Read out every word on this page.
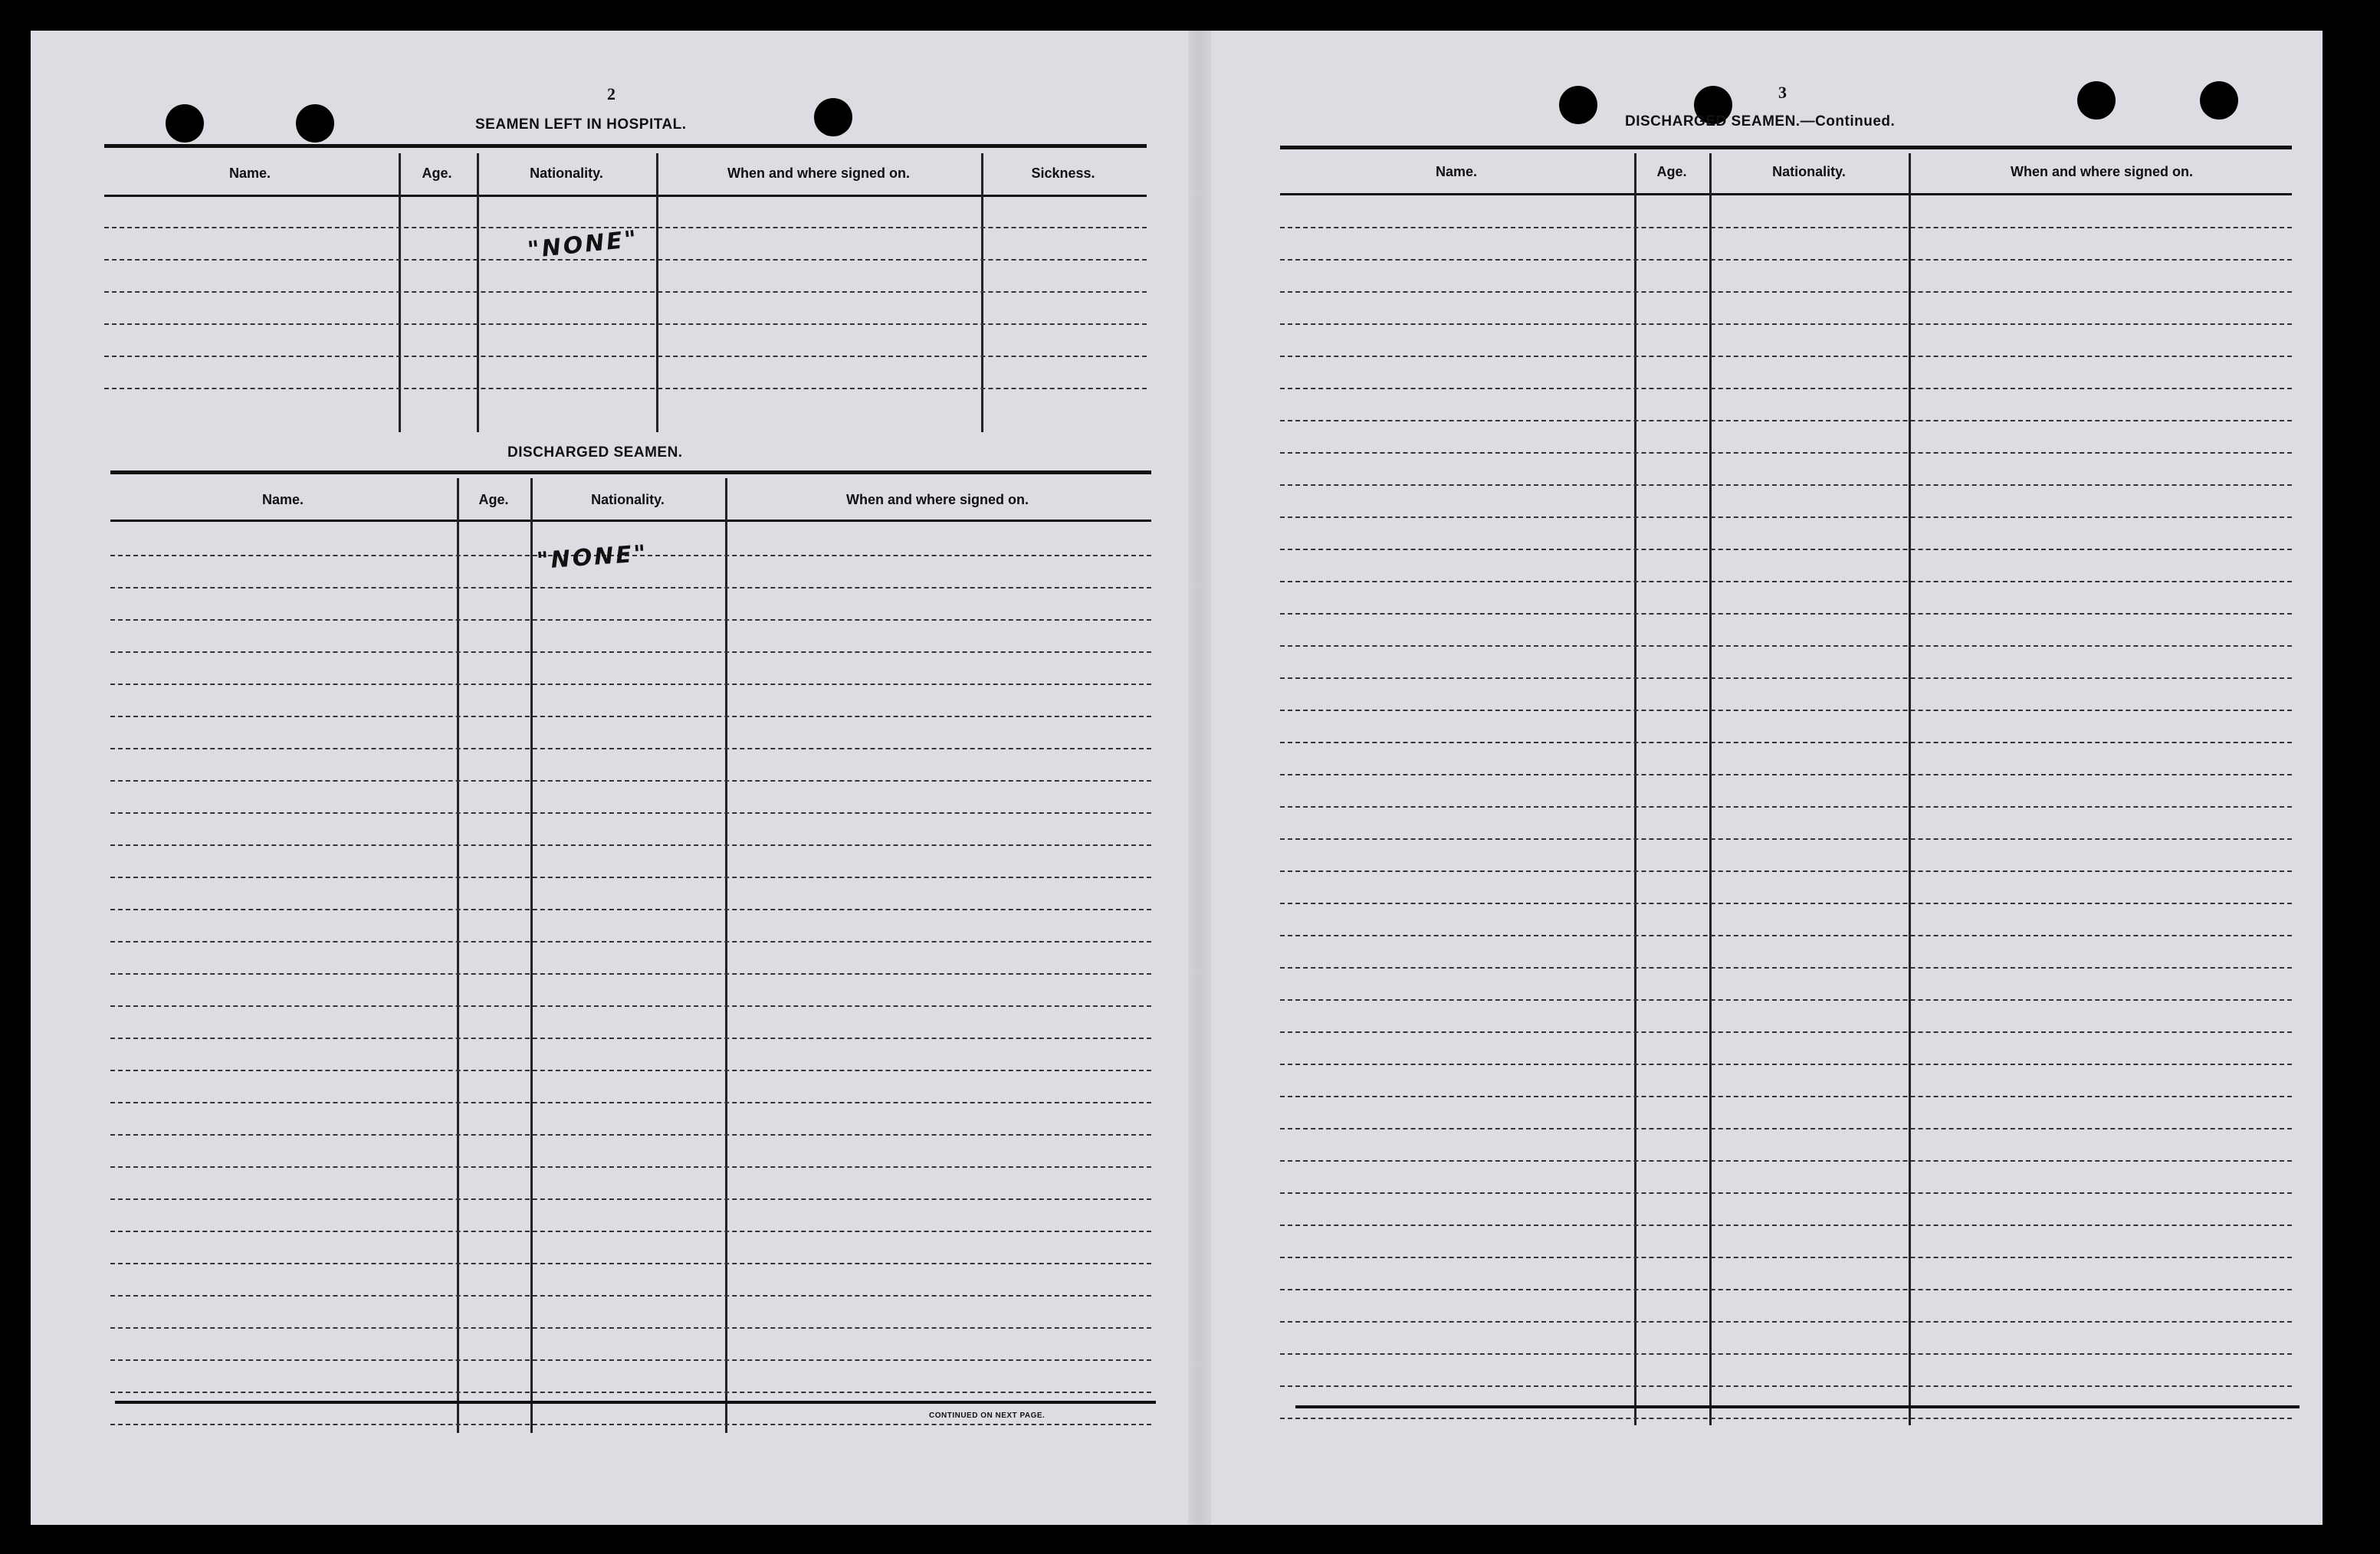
2
SEAMEN LEFT IN HOSPITAL.
Name.	Age.	Nationality.	When and where signed on.	Sickness.
"NONE"
DISCHARGED SEAMEN.
Name.	Age.	Nationality.	When and where signed on.
"NONE"
CONTINUED ON NEXT PAGE.
3
DISCHARGED SEAMEN.—Continued.
Name.	Age.	Nationality.	When and where signed on.
